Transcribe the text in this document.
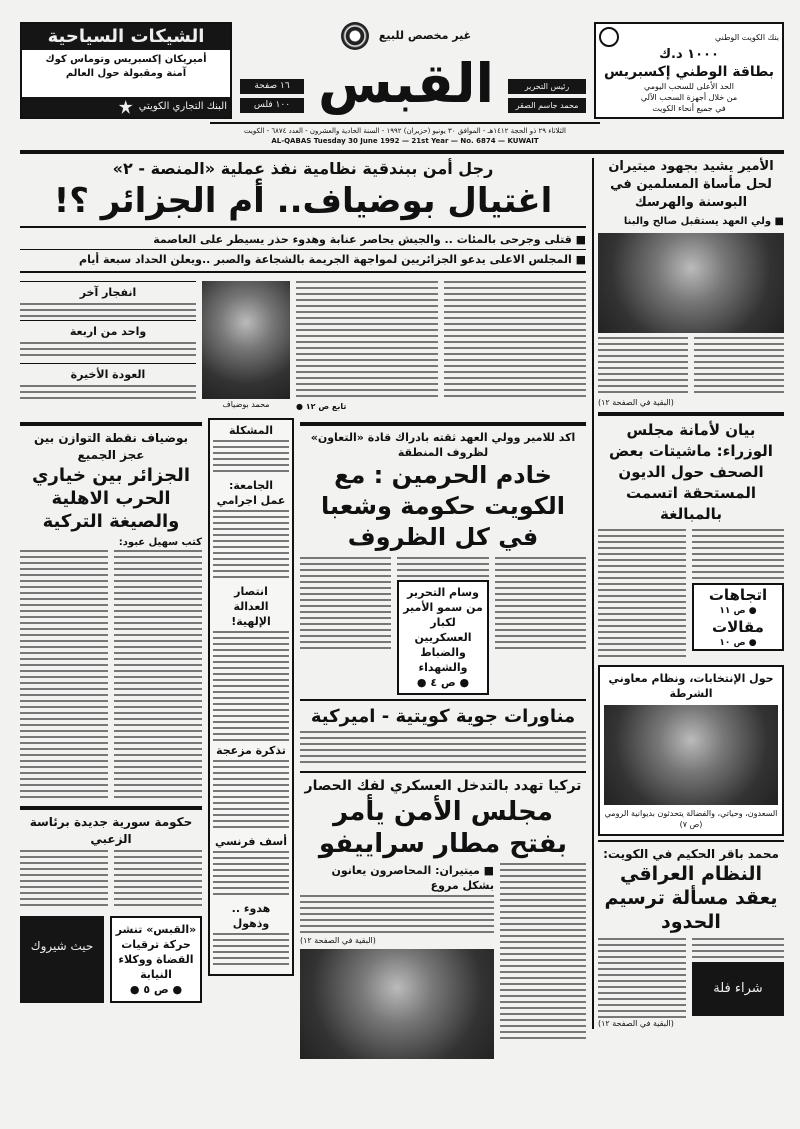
الشيكات السياحية
أميريكان إكسبريس وتوماس كوك
آمنة ومقبولة حول العالم
البنك التجاري الكويتي
١٦ صفحة
١٠٠ فلس
غير مخصص للبيع
القبس	رئيس التحرير
محمد جاسم الصقر
بنك الكويت الوطني
١٠٠٠ د.ك
بطاقة الوطني إكسبريس
الحد الأعلى للسحب اليومي
من خلال أجهزة السحب الآلي
في جميع أنحاء الكويت
الثلاثاء ٢٩ ذو الحجة ١٤١٢هـ - الموافق ٣٠ يونيو (حزيران) ١٩٩٢ - السنة الحادية والعشرون - العدد ٦٨٧٤ - الكويت
AL-QABAS Tuesday 30 June 1992 — 21st Year — No. 6874 — KUWAIT
رجل أمن ببندقية نظامية نفذ عملية «المنصة - ٢»
اغتيال بوضياف.. أم الجزائر ؟!
■ قتلى وجرحى بالمئات .. والجيش يحاصر عنابة وهدوء حذر يسيطر على العاصمة
■ المجلس الاعلى يدعو الجزائريين لمواجهة الجريمة بالشجاعة والصبر ..ويعلن الحداد سبعة أيام
انفجار آخر
واحد من اربعة
العودة الأخيرة
محمد بوضياف	● تابع ص ١٢
بوضياف نقطة التوازن بين عجز الجميع
الجزائر بين خياري الحرب الاهلية والصيغة التركية
كتب سهيل عبود:
حكومة سورية جديدة برئاسة الزعبي
حيث شيروك
«القبس» تنشر حركة ترقيات القضاة ووكلاء النيابة
● ص ٥ ●
المشكلة
الجامعة:
عمل اجرامي
انتصار
العدالة الإلهية!
تذكرة مزعجة
أسف فرنسي
هدوء .. وذهول
اكد للامير وولي العهد ثقته بادراك قادة «التعاون» لظروف المنطقة
خادم الحرمين : مع الكويت حكومة وشعبا في كل الظروف
وسام التحرير من سمو الأمير لكبار العسكريين والضباط والشهداء
● ص ٤ ●
مناورات جوية كويتية - اميركية
تركيا تهدد بالتدخل العسكري لفك الحصار
مجلس الأمن يأمر بفتح مطار سراييفو
■ ميتيران: المحاصرون يعانون بشكل مروع
(البقية في الصفحة ١٢)
الأمير يشيد بجهود ميتيران لحل مأساة المسلمين في البوسنة والهرسك
■ ولي العهد يستقبل صالح والبنا
(البقية في الصفحة ١٢)
بيان لأمانة مجلس الوزراء: ماشيتات بعض الصحف حول الديون المستحقة اتسمت بالمبالغة
اتجاهات
● ص ١١
مقالات
● ص ١٠
حول الإنتخابات، ونظام معاوني الشرطة
السعدون، وحياتي، والفضالة يتحدثون بديوانية الرومي (ص ٧)
محمد باقر الحكيم في الكويت:
النظام العراقي يعقد مسألة ترسيم الحدود
(البقية في الصفحة ١٢)
شراء فلة
